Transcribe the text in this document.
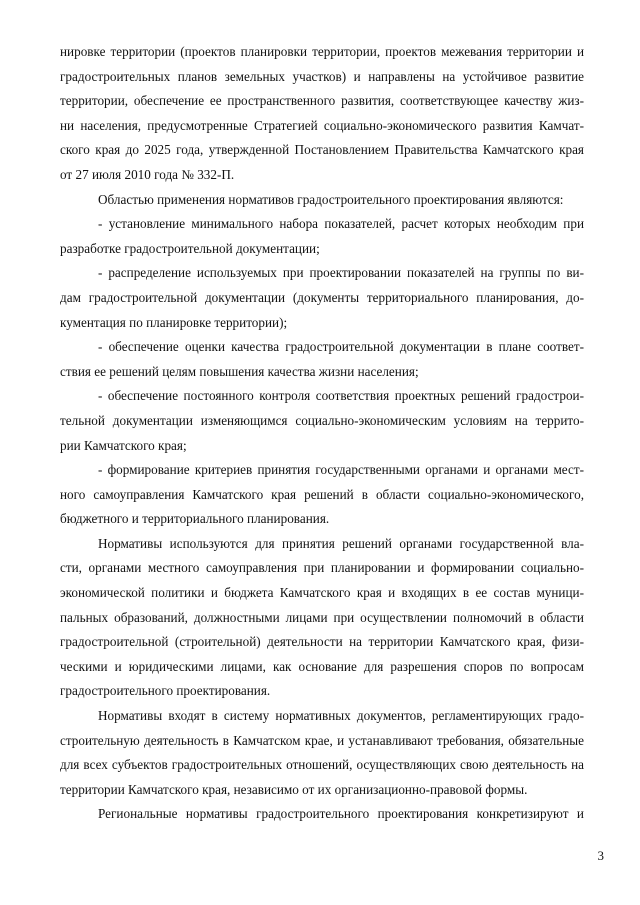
нировке территории (проектов планировки территории, проектов межевания территории и
градостроительных планов земельных участков) и направлены на устойчивое развитие
территории, обеспечение ее пространственного развития, соответствующее качеству жиз-
ни населения, предусмотренные Стратегией социально-экономического развития Камчат-
ского края до 2025 года, утвержденной Постановлением Правительства Камчатского края
от 27 июля 2010 года № 332-П.

Областью применения нормативов градостроительного проектирования являются:

- установление минимального набора показателей, расчет которых необходим при
разработке градостроительной документации;

- распределение используемых при проектировании показателей на группы по ви-
дам градостроительной документации (документы территориального планирования, до-
кументация по планировке территории);

- обеспечение оценки качества градостроительной документации в плане соответ-
ствия ее решений целям повышения качества жизни населения;

- обеспечение постоянного контроля соответствия проектных решений градострои-
тельной документации изменяющимся социально-экономическим условиям на террито-
рии Камчатского края;

- формирование критериев принятия государственными органами и органами мест-
ного самоуправления Камчатского края решений в области социально-экономического,
бюджетного и территориального планирования.

Нормативы используются для принятия решений органами государственной вла-
сти, органами местного самоуправления при планировании и формировании социально-
экономической политики и бюджета Камчатского края и входящих в ее состав муници-
пальных образований, должностными лицами при осуществлении полномочий в области
градостроительной (строительной) деятельности на территории Камчатского края, физи-
ческими и юридическими лицами, как основание для разрешения споров по вопросам
градостроительного проектирования.

Нормативы входят в систему нормативных документов, регламентирующих градо-
строительную деятельность в Камчатском крае, и устанавливают требования, обязательные
для всех субъектов градостроительных отношений, осуществляющих свою деятельность на
территории Камчатского края, независимо от их организационно-правовой формы.

Региональные нормативы градостроительного проектирования конкретизируют и

3
